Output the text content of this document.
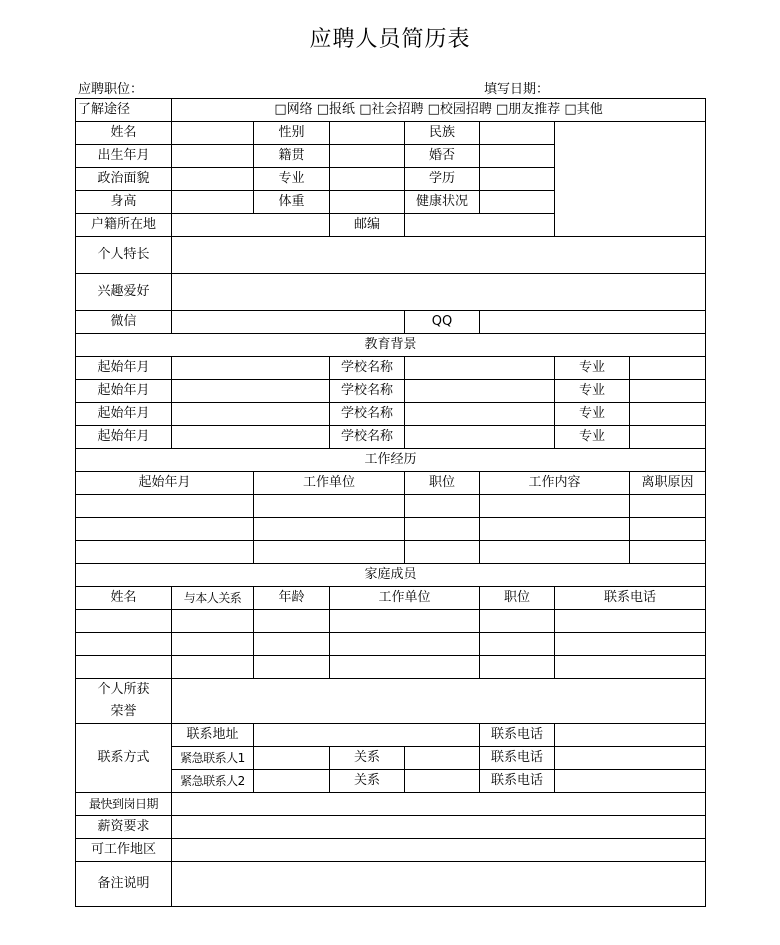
应聘人员简历表
应聘职位：	填写日期：
了解途径	□网络 □报纸 □社会招聘 □校园招聘 □朋友推荐 □其他						
姓名		性别		民族			
出生年月		籍贯		婚否			
政治面貌		专业		学历			
身高		体重		健康状况			
户籍所在地			邮编				
个人特长							
兴趣爱好							
微信				QQ			
教育背景							
起始年月			学校名称			专业	
起始年月			学校名称			专业	
起始年月			学校名称			专业	
起始年月			学校名称			专业	
工作经历							
起始年月		工作单位		职位	工作内容		离职原因

家庭成员							
姓名	与本人关系	年龄	工作单位		职位	联系电话	

个人所获荣誉							

联系方式	联系地址				联系电话		
	紧急联系人1		关系		联系电话		
	紧急联系人2		关系		联系电话		
最快到岗日期							
薪资要求							
可工作地区							
备注说明							
